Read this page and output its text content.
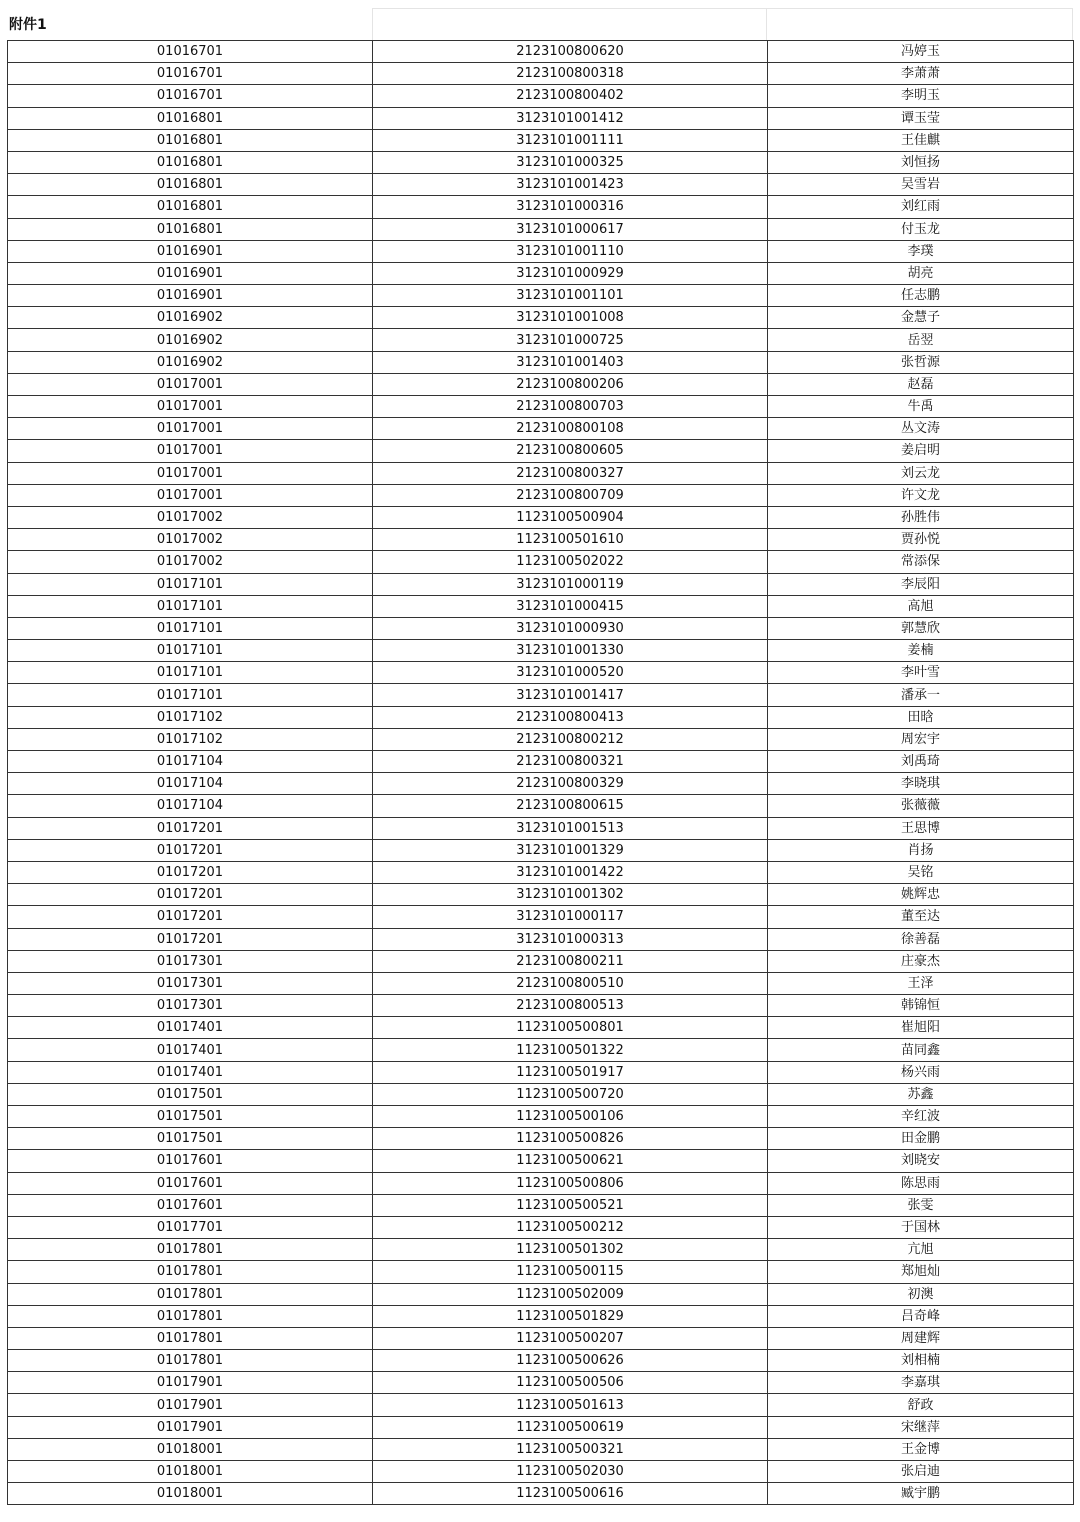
附件1
01016701	2123100800620	冯婷玉
01016701	2123100800318	李萧萧
01016701	2123100800402	李明玉
01016801	3123101001412	谭玉莹
01016801	3123101001111	王佳麒
01016801	3123101000325	刘恒扬
01016801	3123101001423	吴雪岩
01016801	3123101000316	刘红雨
01016801	3123101000617	付玉龙
01016901	3123101001110	李璞
01016901	3123101000929	胡亮
01016901	3123101001101	任志鹏
01016902	3123101001008	金慧子
01016902	3123101000725	岳翌
01016902	3123101001403	张哲源
01017001	2123100800206	赵磊
01017001	2123100800703	牛禹
01017001	2123100800108	丛文涛
01017001	2123100800605	姜启明
01017001	2123100800327	刘云龙
01017001	2123100800709	许文龙
01017002	1123100500904	孙胜伟
01017002	1123100501610	贾孙悦
01017002	1123100502022	常添保
01017101	3123101000119	李辰阳
01017101	3123101000415	高旭
01017101	3123101000930	郭慧欣
01017101	3123101001330	姜楠
01017101	3123101000520	李叶雪
01017101	3123101001417	潘承一
01017102	2123100800413	田晗
01017102	2123100800212	周宏宇
01017104	2123100800321	刘禹琦
01017104	2123100800329	李晓琪
01017104	2123100800615	张薇薇
01017201	3123101001513	王思博
01017201	3123101001329	肖扬
01017201	3123101001422	吴铭
01017201	3123101001302	姚辉忠
01017201	3123101000117	董至达
01017201	3123101000313	徐善磊
01017301	2123100800211	庄豪杰
01017301	2123100800510	王泽
01017301	2123100800513	韩锦恒
01017401	1123100500801	崔旭阳
01017401	1123100501322	苗同鑫
01017401	1123100501917	杨兴雨
01017501	1123100500720	苏鑫
01017501	1123100500106	辛红波
01017501	1123100500826	田金鹏
01017601	1123100500621	刘晓安
01017601	1123100500806	陈思雨
01017601	1123100500521	张雯
01017701	1123100500212	于国林
01017801	1123100501302	亢旭
01017801	1123100500115	郑旭灿
01017801	1123100502009	初澳
01017801	1123100501829	吕奇峰
01017801	1123100500207	周建辉
01017801	1123100500626	刘相楠
01017901	1123100500506	李嘉琪
01017901	1123100501613	舒政
01017901	1123100500619	宋继萍
01018001	1123100500321	王金博
01018001	1123100502030	张启迪
01018001	1123100500616	臧宇鹏
